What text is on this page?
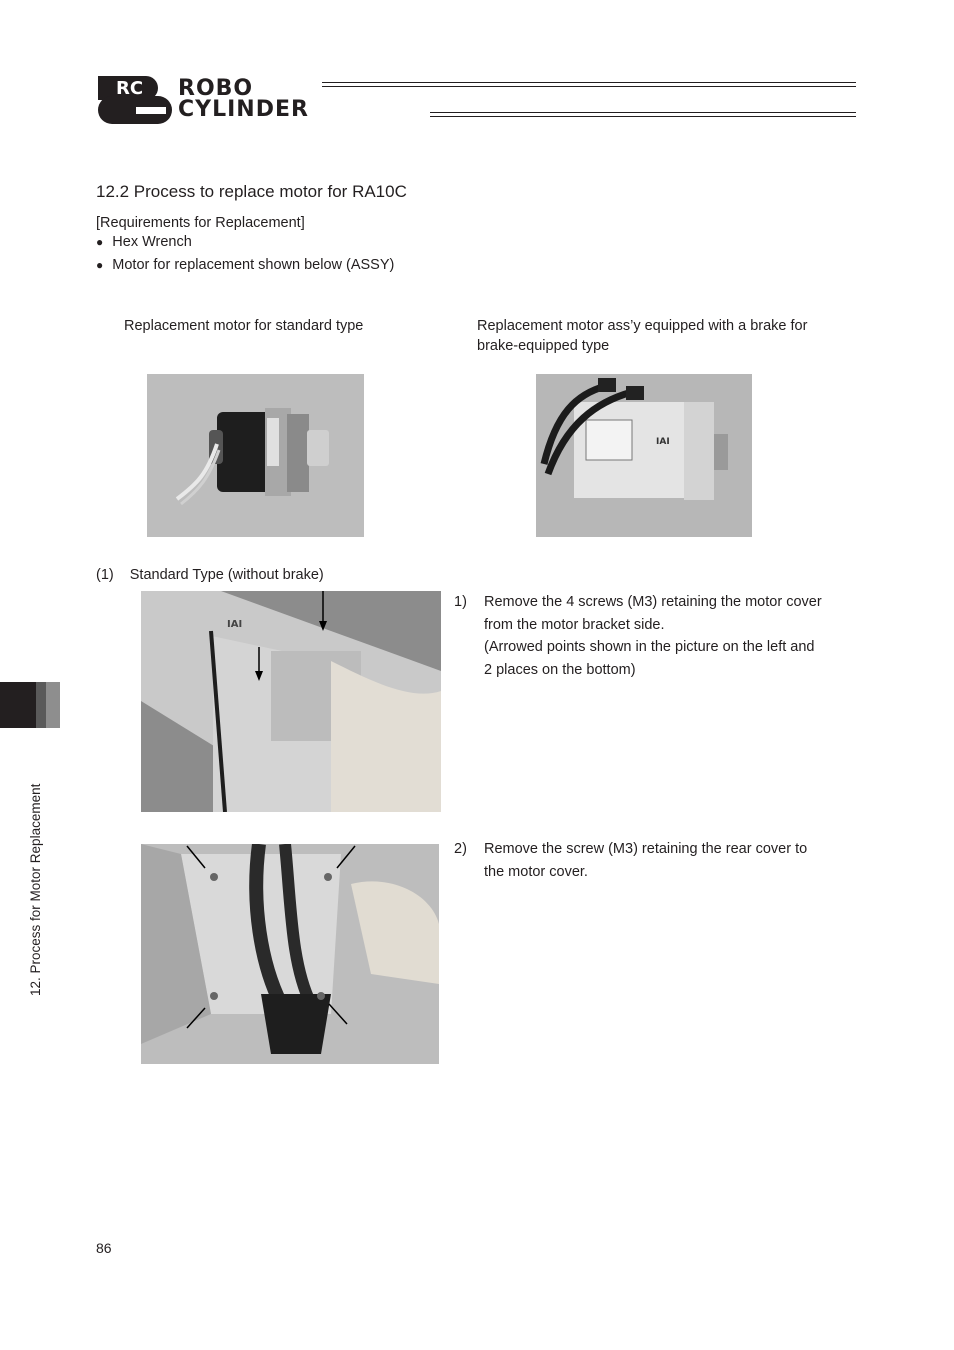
RC ROBO
CYLINDER
12.2 Process to replace motor for RA10C
[Requirements for Replacement]
● Hex Wrench
● Motor for replacement shown below (ASSY)
Replacement motor for standard type	Replacement motor ass’y equipped with a brake for
brake-equipped type
IAI
(1) Standard Type (without brake)
IAI
1)	Remove the 4 screws (M3) retaining the motor cover
from the motor bracket side.
(Arrowed points shown in the picture on the left and
2 places on the bottom)
2)	Remove the screw (M3) retaining the rear cover to
the motor cover.
12. Process for Motor Replacement
86
